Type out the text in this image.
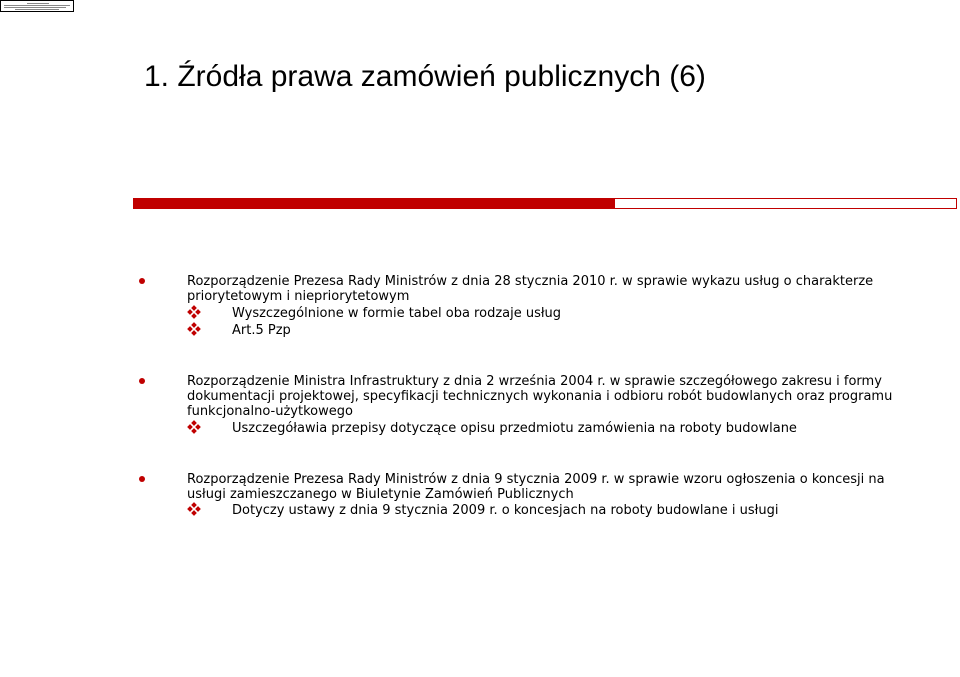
1. Źródła prawa zamówień publicznych (6)
Rozporządzenie Prezesa Rady Ministrów z dnia 28 stycznia 2010 r. w sprawie wykazu usług o charakterze priorytetowym i niepriorytetowym
Wyszczególnione w formie tabel oba rodzaje usług
Art.5 Pzp
Rozporządzenie Ministra Infrastruktury z dnia 2 września 2004 r. w sprawie szczegółowego zakresu i formy dokumentacji projektowej, specyfikacji technicznych wykonania i odbioru robót budowlanych oraz programu funkcjonalno-użytkowego
Uszczegóławia przepisy dotyczące opisu przedmiotu zamówienia na roboty budowlane
Rozporządzenie Prezesa Rady Ministrów z dnia 9 stycznia 2009 r. w sprawie wzoru ogłoszenia o koncesji na usługi zamieszczanego w Biuletynie Zamówień Publicznych
Dotyczy ustawy z dnia 9 stycznia 2009 r. o koncesjach na roboty budowlane i usługi
